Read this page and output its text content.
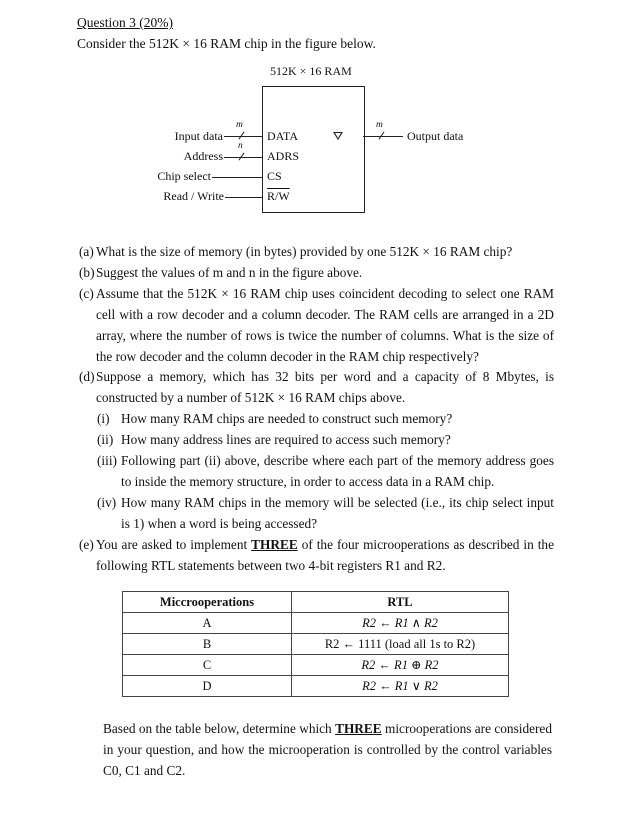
Question 3 (20%)
Consider the 512K × 16 RAM chip in the figure below.
512K × 16 RAM
Input data
Address
Chip select
Read / Write
m
n
DATA
ADRS
CS
R/W
m
Output data
(a) What is the size of memory (in bytes) provided by one 512K × 16 RAM chip?
(b) Suggest the values of m and n in the figure above.
(c) Assume that the 512K × 16 RAM chip uses coincident decoding to select one RAM cell with a row decoder and a column decoder. The RAM cells are arranged in a 2D array, where the number of rows is twice the number of columns. What is the size of the row decoder and the column decoder in the RAM chip respectively?
(d) Suppose a memory, which has 32 bits per word and a capacity of 8 Mbytes, is constructed by a number of 512K × 16 RAM chips above.
(i) How many RAM chips are needed to construct such memory?
(ii) How many address lines are required to access such memory?
(iii) Following part (ii) above, describe where each part of the memory address goes to inside the memory structure, in order to access data in a RAM chip.
(iv) How many RAM chips in the memory will be selected (i.e., its chip select input is 1) when a word is being accessed?
(e) You are asked to implement THREE of the four microoperations as described in the following RTL statements between two 4-bit registers R1 and R2.
Miccrooperations	RTL
A	R2 ← R1 ∧ R2
B	R2 ← 1111 (load all 1s to R2)
C	R2 ← R1 ⊕ R2
D	R2 ← R1 ∨ R2
Based on the table below, determine which THREE microoperations are considered in your question, and how the microoperation is controlled by the control variables C0, C1 and C2.
